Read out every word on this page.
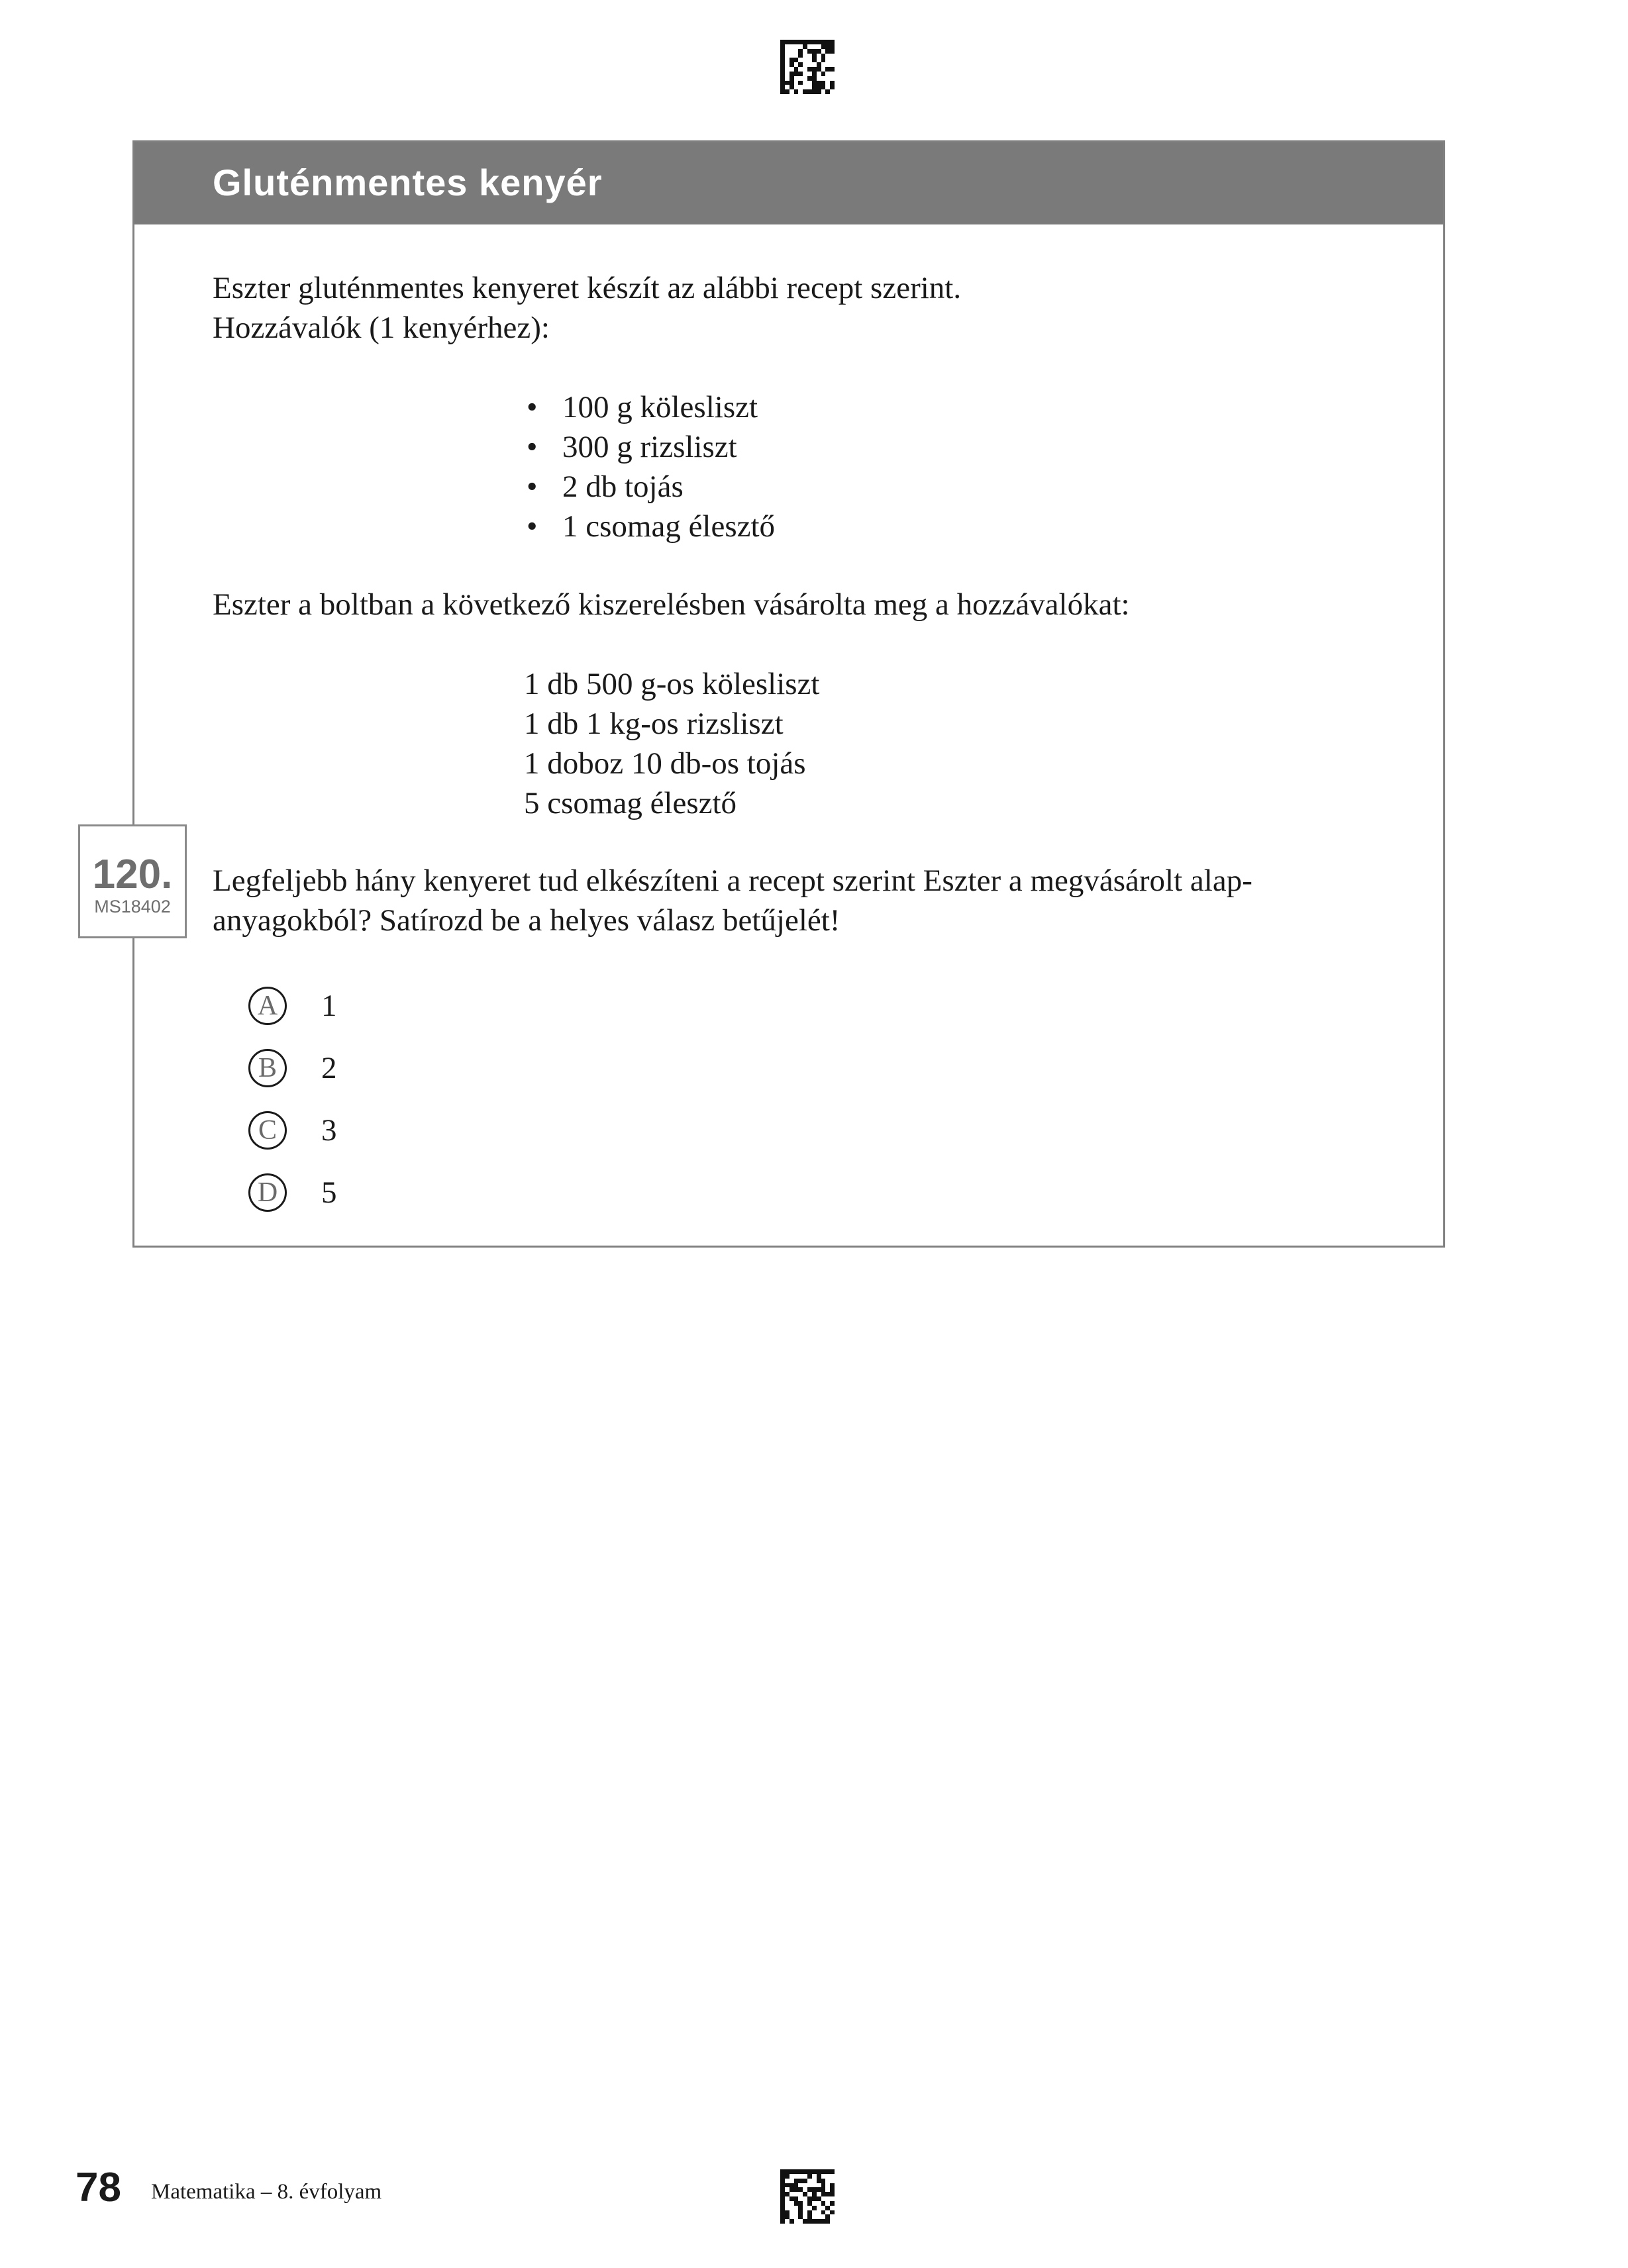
Gluténmentes kenyér
Eszter gluténmentes kenyeret készít az alábbi recept szerint.
Hozzávalók (1 kenyérhez):
• 100 g kölesliszt
• 300 g rizsliszt
• 2 db tojás
• 1 csomag élesztő
Eszter a boltban a következő kiszerelésben vásárolta meg a hozzávalókat:
1 db 500 g-os kölesliszt
1 db 1 kg-os rizsliszt
1 doboz 10 db-os tojás
5 csomag élesztő
Legfeljebb hány kenyeret tud elkészíteni a recept szerint Eszter a megvásárolt alap-
anyagokból? Satírozd be a helyes válasz betűjelét!
120.
MS18402
A 1
B	2
C	3
D 5
78 Matematika – 8. évfolyam
